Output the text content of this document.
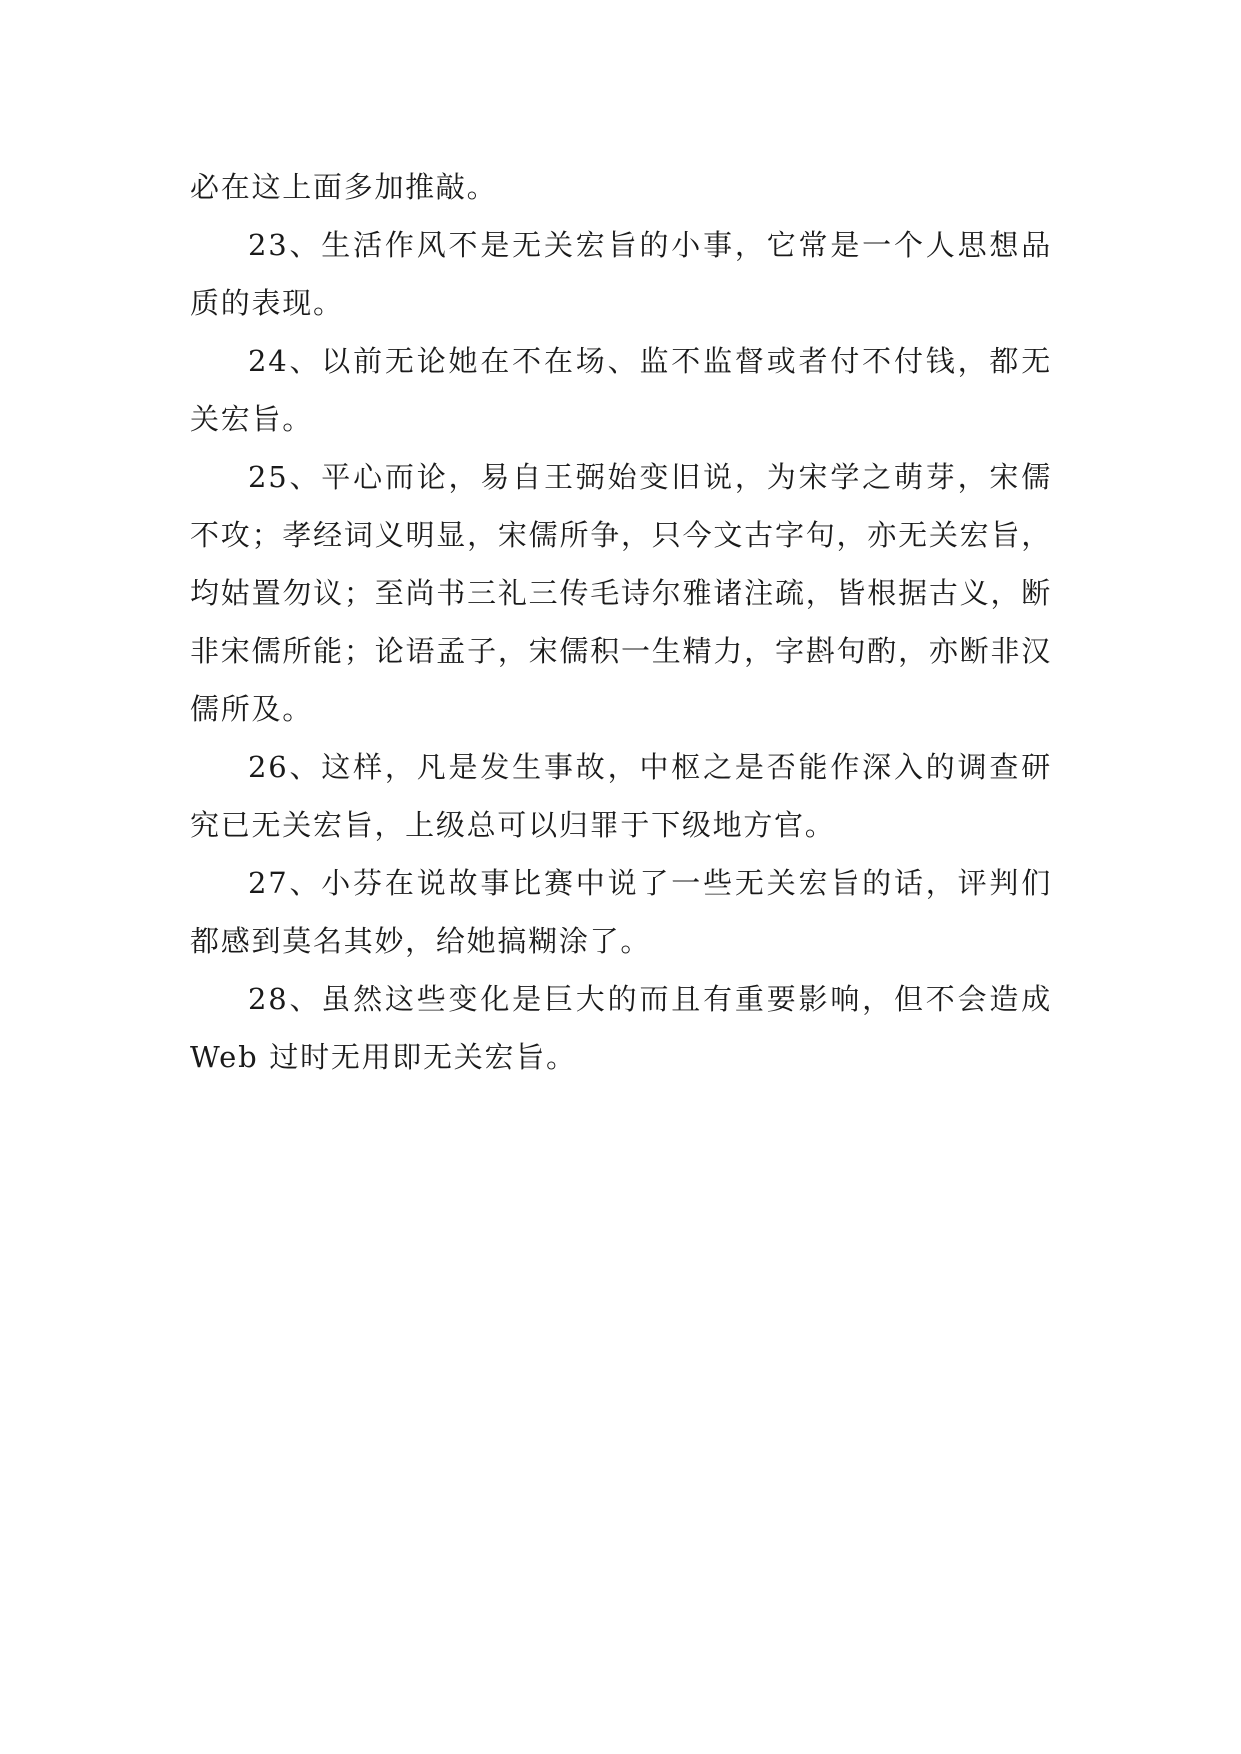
必在这上面多加推敲。

23、生活作风不是无关宏旨的小事，它常是一个人思想品质的表现。

24、以前无论她在不在场、监不监督或者付不付钱，都无关宏旨。

25、平心而论，易自王弼始变旧说，为宋学之萌芽，宋儒不攻；孝经词义明显，宋儒所争，只今文古字句，亦无关宏旨，均姑置勿议；至尚书三礼三传毛诗尔雅诸注疏，皆根据古义，断非宋儒所能；论语孟子，宋儒积一生精力，字斟句酌，亦断非汉儒所及。

26、这样，凡是发生事故，中枢之是否能作深入的调查研究已无关宏旨，上级总可以归罪于下级地方官。

27、小芬在说故事比赛中说了一些无关宏旨的话，评判们都感到莫名其妙，给她搞糊涂了。

28、虽然这些变化是巨大的而且有重要影响，但不会造成 Web 过时无用即无关宏旨。
